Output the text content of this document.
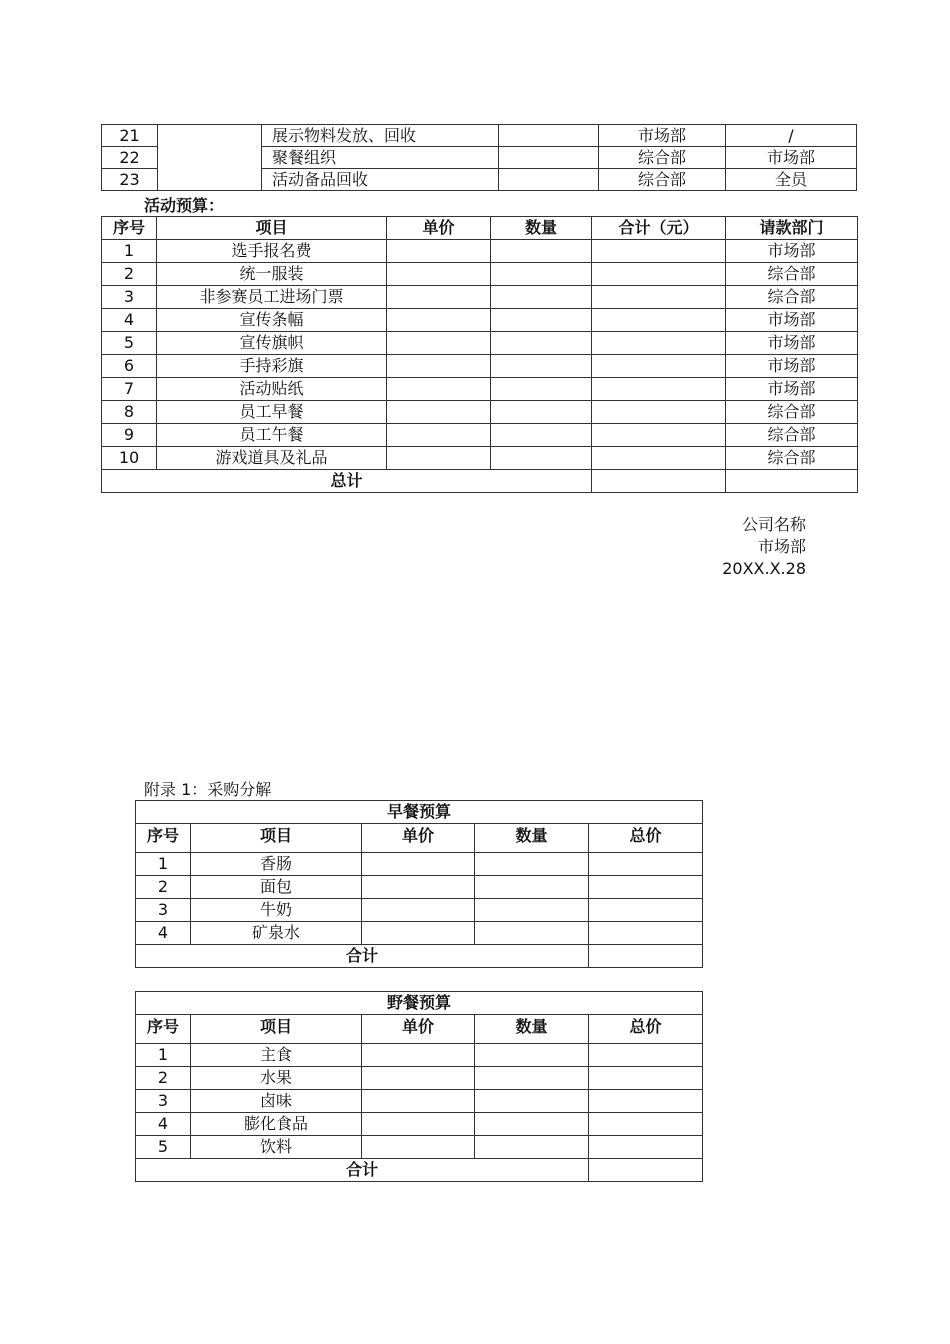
21		展示物料发放、回收		市场部	/
22		聚餐组织		综合部	市场部
23		活动备品回收		综合部	全员
活动预算：
序号	项目	单价	数量	合计（元）	请款部门
1	选手报名费				市场部
2	统一服装				综合部
3	非参赛员工进场门票				综合部
4	宣传条幅				市场部
5	宣传旗帜				市场部
6	手持彩旗				市场部
7	活动贴纸				市场部
8	员工早餐				综合部
9	员工午餐				综合部
10	游戏道具及礼品				综合部
总计					
公司名称
市场部
20XX.X.28
附录 1：采购分解
早餐预算				
序号	项目	单价	数量	总价
1	香肠			
2	面包			
3	牛奶			
4	矿泉水			
合计				
野餐预算				
序号	项目	单价	数量	总价
1	主食			
2	水果			
3	卤味			
4	膨化食品			
5	饮料			
合计				
